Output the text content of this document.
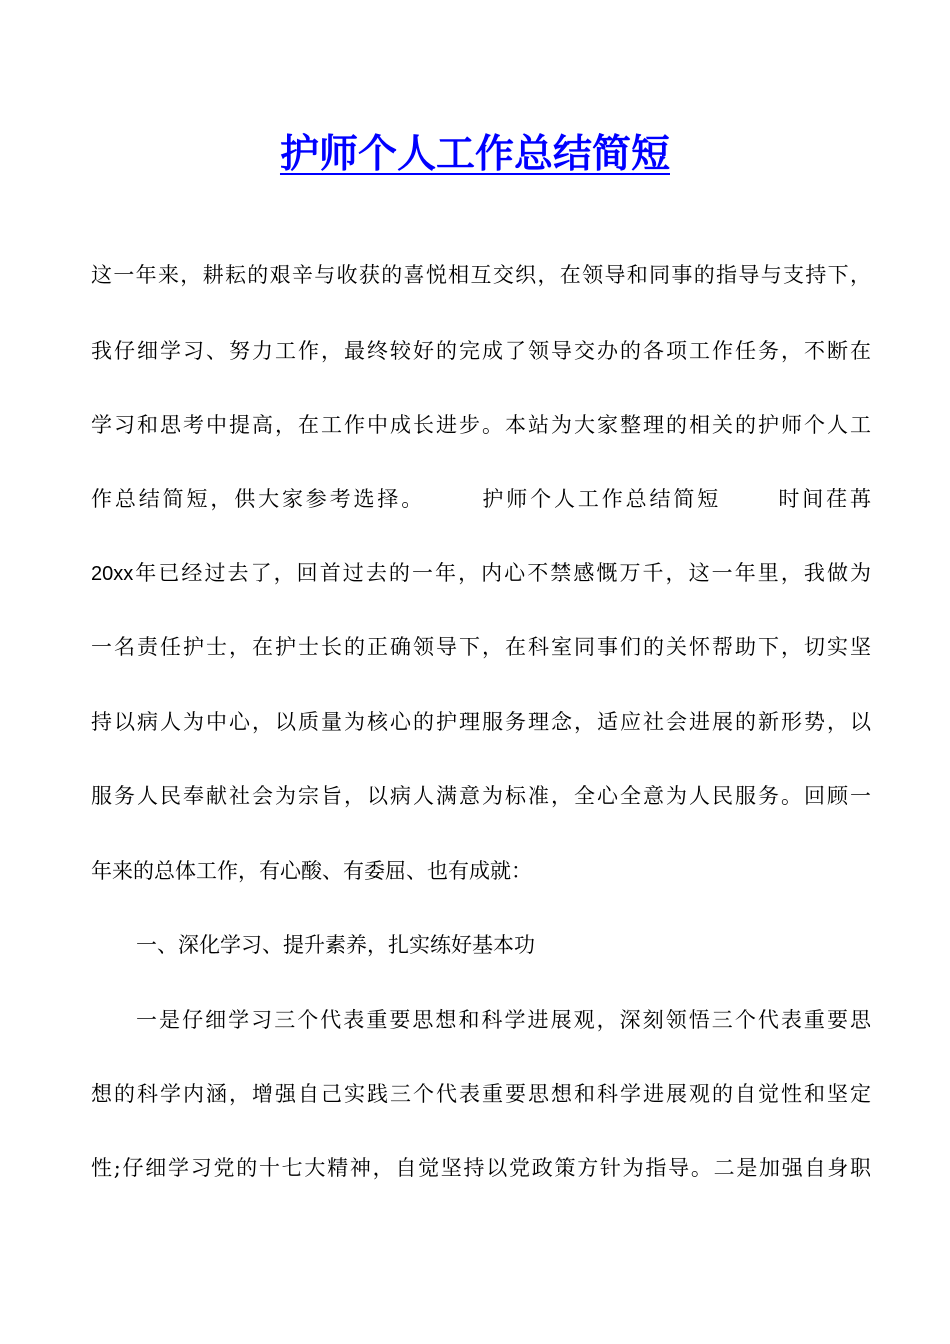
护师个人工作总结简短

这一年来，耕耘的艰辛与收获的喜悦相互交织，在领导和同事的指导与支持下，

我仔细学习、努力工作，最终较好的完成了领导交办的各项工作任务，不断在

学习和思考中提高，在工作中成长进步。本站为大家整理的相关的护师个人工

作总结简短，供大家参考选择。 　　护师个人工作总结简短 　　时间荏苒

20xx年已经过去了，回首过去的一年，内心不禁感慨万千，这一年里，我做为

一名责任护士，在护士长的正确领导下，在科室同事们的关怀帮助下，切实坚

持以病人为中心，以质量为核心的护理服务理念，适应社会进展的新形势，以

服务人民奉献社会为宗旨，以病人满意为标准，全心全意为人民服务。回顾一

年来的总体工作，有心酸、有委屈、也有成就：

一、深化学习、提升素养，扎实练好基本功

一是仔细学习三个代表重要思想和科学进展观，深刻领悟三个代表重要思

想的科学内涵，增强自己实践三个代表重要思想和科学进展观的自觉性和坚定

性;仔细学习党的十七大精神，自觉坚持以党政策方针为指导。二是加强自身职
